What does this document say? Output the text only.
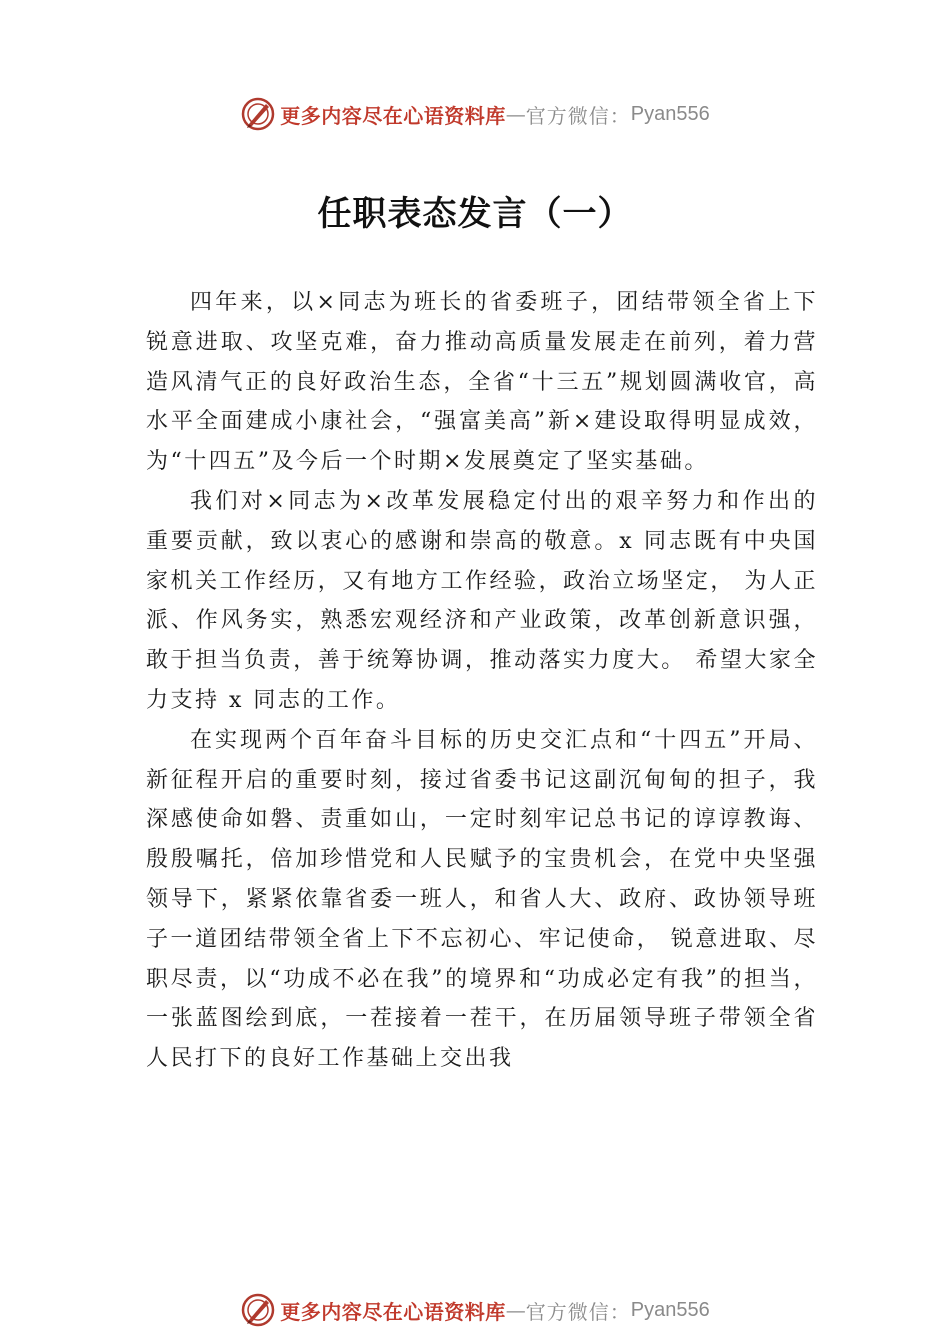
更多内容尽在心语资料库 — 官方微信： Pyan556
任职表态发言（一）

四年来，以×同志为班长的省委班子，团结带领全省上下锐意进取、攻坚克难，奋力推动高质量发展走在前列，着力营造风清气正的良好政治生态，全省“十三五”规划圆满收官，高水平全面建成小康社会，“强富美高”新×建设取得明显成效，为“十四五”及今后一个时期×发展奠定了坚实基础。

我们对×同志为×改革发展稳定付出的艰辛努力和作出的重要贡献，致以衷心的感谢和崇高的敬意。x 同志既有中央国家机关工作经历，又有地方工作经验，政治立场坚定， 为人正派、作风务实，熟悉宏观经济和产业政策，改革创新意识强，敢于担当负责，善于统筹协调，推动落实力度大。 希望大家全力支持 x 同志的工作。

在实现两个百年奋斗目标的历史交汇点和“十四五”开局、新征程开启的重要时刻，接过省委书记这副沉甸甸的担子，我深感使命如磐、责重如山，一定时刻牢记总书记的谆谆教诲、殷殷嘱托，倍加珍惜党和人民赋予的宝贵机会，在党中央坚强领导下，紧紧依靠省委一班人，和省人大、政府、政协领导班子一道团结带领全省上下不忘初心、牢记使命， 锐意进取、尽职尽责，以“功成不必在我”的境界和“功成必定有我”的担当，一张蓝图绘到底，一茬接着一茬干，在历届领导班子带领全省人民打下的良好工作基础上交出我

更多内容尽在心语资料库 — 官方微信： Pyan556
